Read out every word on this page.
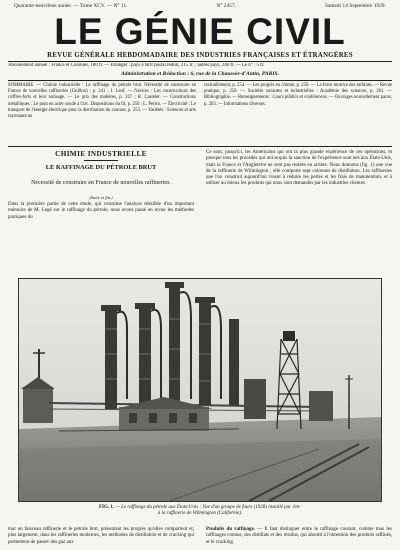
Quarante-neuvième année. — Tome XCV. — N° 11.	N° 2457.	Samedi 14 Septembre 1929.
LE GÉNIE CIVIL
REVUE GÉNÉRALE HEBDOMADAIRE DES INDUSTRIES FRANÇAISES ET ÉTRANGÈRES
Abonnement annuel : France et Colonies, 180 fr. — Étranger : pays à tarif postal réduit, 215 fr. ; autres pays, 240 fr. — Le n° : 5 fr.
Administration et Rédaction : 6, rue de la Chaussée-d'Antin, PARIS.
SOMMAIRE. — Chimie industrielle : Le raffinage du pétrole brut. Nécessité de construire en France de nouvelles raffineries (Guillon) ; p. 241 ; J. Leuf. — Navires : Les constructions des coffres-forts et leur nolisage. — Le prix des matières, p. 247 ; R. Castelet. — Constructions métalliques : Le pont en acier soudé à l'arc. Dispositions du fil, p. 250 ; L. Perrin. — Électricité : Le transport de l'énergie électrique pour la distribution du courant, p. 253. — Variétés : Sciences et arts rayonnant au
ravitaillement, p. 254. — Les progrès en chimie, p. 256. — La force motrice des turbines. — Revue pratique, p. 258. — Sociétés savantes et industrielles : Académie des sciences, p. 261. — Bibliographie. — Renseignements : Cours publics et conférences. — Ouvrages nouvellement parus, p. 263. — Informations diverses.
CHIMIE INDUSTRIELLE
LE RAFFINAGE DU PÉTROLE BRUT
Nécessité de construire en France de nouvelles raffineries.
(Suite et fin.)
Dans la première partie de cette étude, qui constitue l'analyse détaillée d'un important mémoire de M. Legé sur le raffinage du pétrole, nous avons passé en revue les méthodes pratiques du
Ce sont, jusqu'ici, les Américains qui ont la plus grande expérience de ces opérations, et presque tous les procédés qui ont acquis la sanction de l'expérience sont nés aux États-Unis, mais la France et l'Angleterre ne sont pas restées en arrière. Nous donnons (fig. 1) une vue de la raffinerie de Wilmington ; elle comporte sept colonnes de distillation. Les raffineries que l'on construit aujourd'hui visent à réduire les pertes et les frais de manutention, et à utiliser au mieux les produits qui nous sont demandés par les industries clientes.
FIG. 1. — Le raffinage du pétrole aux États-Unis : Vue d'un groupe de fours (1928) installé par Jen-
à la raffinerie de Wilmington (Californie).
tout un faisceau raffinerie et le pétrole brut, présentant les progrès qu'elles comportent et, plus largement, dans les raffineries modernes, les méthodes de distillation et de cracking qui permettent de passer des gaz aux
Produits du raffinage. — Il faut distinguer entre le raffinage courant, comme tous les raffinages connus, des distillats et des résidus, qui aboutit à l'obtention des produits raffinés, et le cracking.
